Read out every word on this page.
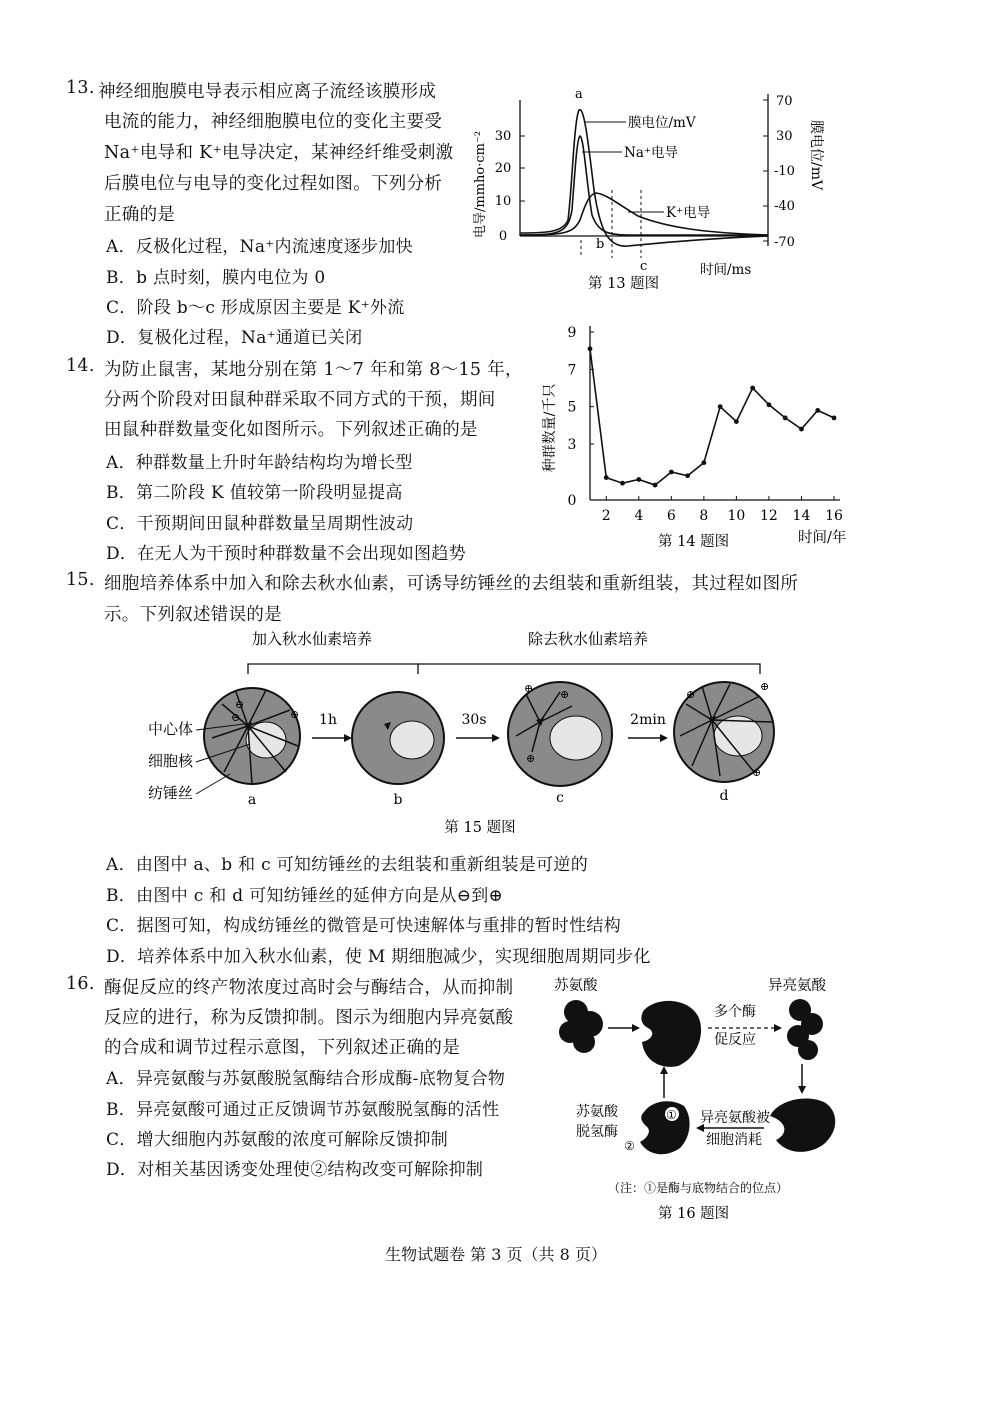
13. 神经细胞膜电导表示相应离子流经该膜形成
电流的能力，神经细胞膜电位的变化主要受
Na⁺电导和 K⁺电导决定，某神经纤维受刺激
后膜电位与电导的变化过程如图。下列分析
正确的是
A．反极化过程，Na⁺内流速度逐步加快
B．b 点时刻，膜内电位为 0
C．阶段 b～c 形成原因主要是 K⁺外流
D．复极化过程，Na⁺通道已关闭
0
10
20
30
70
30
-10
-40
-70
电导/mmho·cm⁻²	膜电位/mV
膜电位/mV
Na⁺电导
K⁺电导
a
b
c	时间/ms
第 13 题图
14. 为防止鼠害，某地分别在第 1～7 年和第 8～15 年，
分两个阶段对田鼠种群采取不同方式的干预，期间
田鼠种群数量变化如图所示。下列叙述正确的是
A．种群数量上升时年龄结构均为增长型
B．第二阶段 K 值较第一阶段明显提高
C．干预期间田鼠种群数量呈周期性波动
D．在无人为干预时种群数量不会出现如图趋势
种群数量/千只
0
3
5
7
9
2 4 6 8 10 12 14 16
时间/年
第 14 题图
15. 细胞培养体系中加入和除去秋水仙素，可诱导纺锤丝的去组装和重新组装，其过程如图所
示。下列叙述错误的是
加入秋水仙素培养	除去秋水仙素培养
⊖
⊖	⊕
⊕
⊕
⊕
⊕
⊕
⊕
1h	30s	2min
中心体
细胞核
纺锤丝	a	b	c	d
第 15 题图
A．由图中 a、b 和 c 可知纺锤丝的去组装和重新组装是可逆的
B．由图中 c 和 d 可知纺锤丝的延伸方向是从⊖到⊕
C．据图可知，构成纺锤丝的微管是可快速解体与重排的暂时性结构
D．培养体系中加入秋水仙素，使 M 期细胞减少，实现细胞周期同步化
16. 酶促反应的终产物浓度过高时会与酶结合，从而抑制
反应的进行，称为反馈抑制。图示为细胞内异亮氨酸
的合成和调节过程示意图，下列叙述正确的是
A．异亮氨酸与苏氨酸脱氢酶结合形成酶-底物复合物
B．异亮氨酸可通过正反馈调节苏氨酸脱氢酶的活性
C．增大细胞内苏氨酸的浓度可解除反馈抑制
D．对相关基因诱变处理使②结构改变可解除抑制
苏氨酸	异亮氨酸
多个酶
促反应
异亮氨酸被
细胞消耗
①
②
苏氨酸
脱氢酶
（注：①是酶与底物结合的位点）
第 16 题图
生物试题卷 第 3 页（共 8 页）
